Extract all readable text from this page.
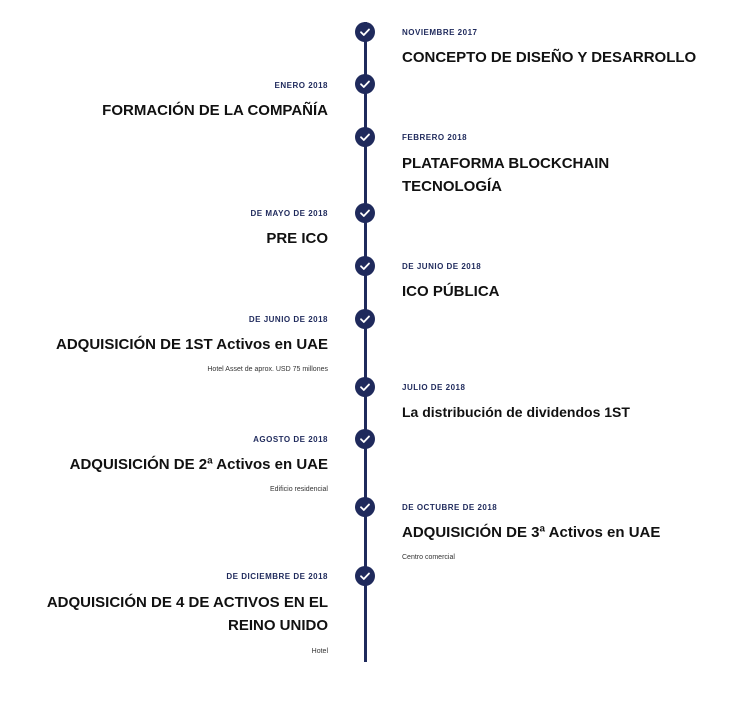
NOVIEMBRE 2017
CONCEPTO DE DISEÑO Y DESARROLLO
ENERO 2018
FORMACIÓN DE LA COMPAÑÍA
FEBRERO 2018
PLATAFORMA BLOCKCHAIN TECNOLOGÍA
DE MAYO DE 2018
PRE ICO
DE JUNIO DE 2018
ICO PÚBLICA
DE JUNIO DE 2018
ADQUISICIÓN DE 1ST Activos en UAE
Hotel Asset de aprox. USD 75 millones
JULIO DE 2018
La distribución de dividendos 1ST
AGOSTO DE 2018
ADQUISICIÓN DE 2ª Activos en UAE
Edificio residencial
DE OCTUBRE DE 2018
ADQUISICIÓN DE 3ª Activos en UAE
Centro comercial
DE DICIEMBRE DE 2018
ADQUISICIÓN DE 4 DE ACTIVOS EN EL REINO UNIDO
Hotel
